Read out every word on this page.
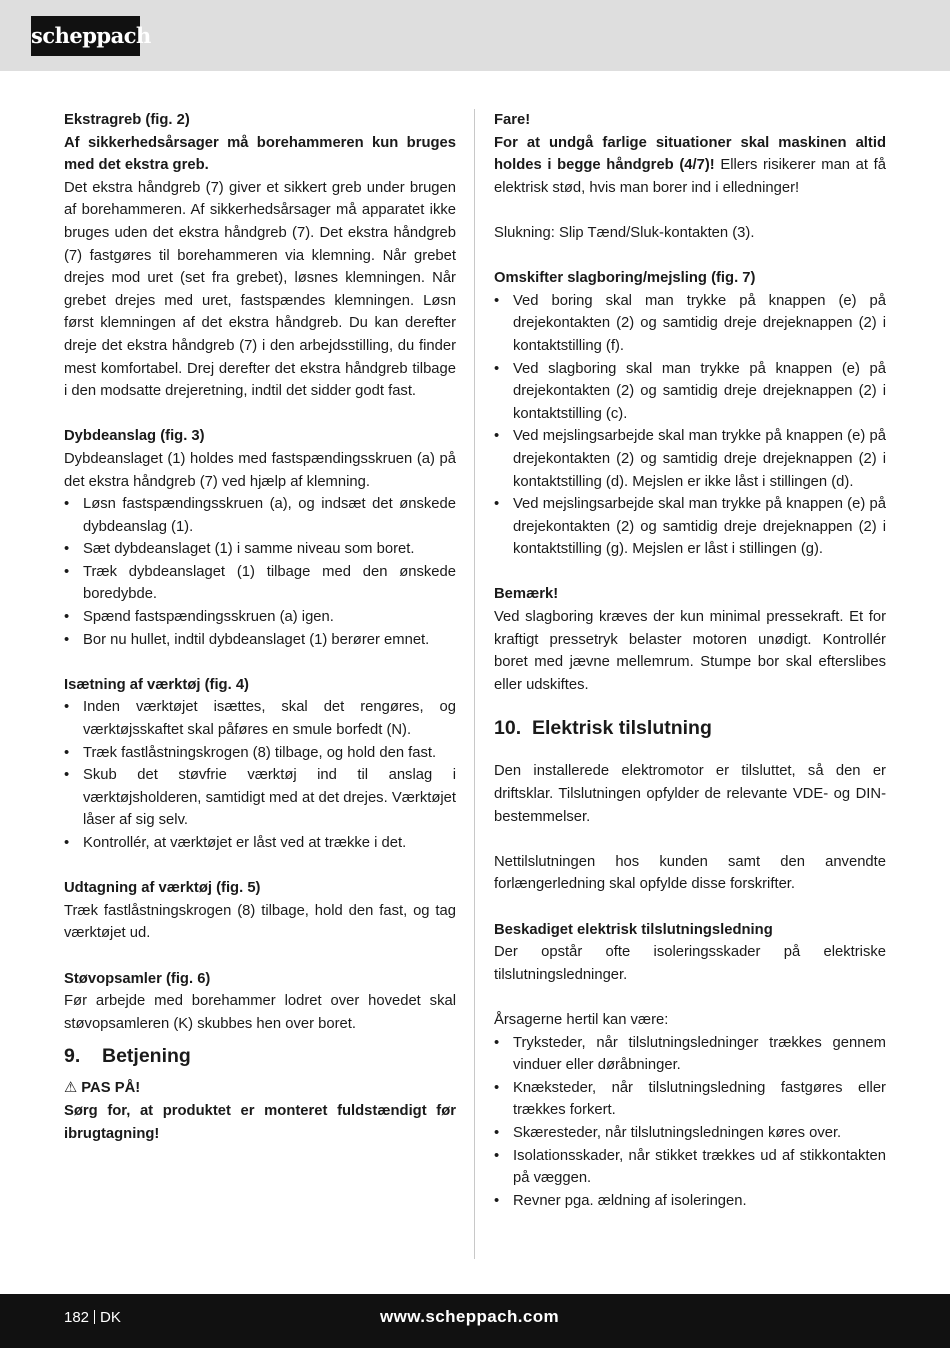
scheppach

Ekstragreb (fig. 2)

Af sikkerhedsårsager må borehammeren kun bruges med det ekstra greb.

Det ekstra håndgreb (7) giver et sikkert greb under brugen af borehammeren. Af sikkerhedsårsager må apparatet ikke bruges uden det ekstra håndgreb (7). Det ekstra håndgreb (7) fastgøres til borehammeren via klemning. Når grebet drejes mod uret (set fra grebet), løsnes klemningen. Når grebet drejes med uret, fastspændes klemningen. Løsn først klemningen af det ekstra håndgreb. Du kan derefter dreje det ekstra håndgreb (7) i den arbejdsstilling, du finder mest komfortabel. Drej derefter det ekstra håndgreb tilbage i den modsatte drejeretning, indtil det sidder godt fast.

Dybdeanslag (fig. 3)

Dybdeanslaget (1) holdes med fastspændingsskruen (a) på det ekstra håndgreb (7) ved hjælp af klemning.

• Løsn fastspændingsskruen (a), og indsæt det ønskede dybdeanslag (1).
• Sæt dybdeanslaget (1) i samme niveau som boret.
• Træk dybdeanslaget (1) tilbage med den ønskede boredybde.
• Spænd fastspændingsskruen (a) igen.
• Bor nu hullet, indtil dybdeanslaget (1) berører emnet.

Isætning af værktøj (fig. 4)

• Inden værktøjet isættes, skal det rengøres, og værktøjsskaftet skal påføres en smule borfedt (N).
• Træk fastlåstningskrogen (8) tilbage, og hold den fast.
• Skub det støvfrie værktøj ind til anslag i værktøjsholderen, samtidigt med at det drejes. Værktøjet låser af sig selv.
• Kontrollér, at værktøjet er låst ved at trække i det.

Udtagning af værktøj (fig. 5)

Træk fastlåstningskrogen (8) tilbage, hold den fast, og tag værktøjet ud.

Støvopsamler (fig. 6)

Før arbejde med borehammer lodret over hovedet skal støvopsamleren (K) skubbes hen over boret.

9. Betjening

⚠ PAS PÅ!

Sørg for, at produktet er monteret fuldstændigt før ibrugtagning!

Fare!

For at undgå farlige situationer skal maskinen altid holdes i begge håndgreb (4/7)! Ellers risikerer man at få elektrisk stød, hvis man borer ind i elledninger!

Slukning: Slip Tænd/Sluk-kontakten (3).

Omskifter slagboring/mejsling (fig. 7)

• Ved boring skal man trykke på knappen (e) på drejekontakten (2) og samtidig dreje drejeknappen (2) i kontaktstilling (f).
• Ved slagboring skal man trykke på knappen (e) på drejekontakten (2) og samtidig dreje drejeknappen (2) i kontaktstilling (c).
• Ved mejslingsarbejde skal man trykke på knappen (e) på drejekontakten (2) og samtidig dreje drejeknappen (2) i kontaktstilling (d). Mejslen er ikke låst i stillingen (d).
• Ved mejslingsarbejde skal man trykke på knappen (e) på drejekontakten (2) og samtidig dreje drejeknappen (2) i kontaktstilling (g). Mejslen er låst i stillingen (g).

Bemærk!

Ved slagboring kræves der kun minimal pressekraft. Et for kraftigt pressetryk belaster motoren unødigt. Kontrollér boret med jævne mellemrum. Stumpe bor skal efterslibes eller udskiftes.

10. Elektrisk tilslutning

Den installerede elektromotor er tilsluttet, så den er driftsklar. Tilslutningen opfylder de relevante VDE- og DIN-bestemmelser.

Nettilslutningen hos kunden samt den anvendte forlængerledning skal opfylde disse forskrifter.

Beskadiget elektrisk tilslutningsledning

Der opstår ofte isoleringsskader på elektriske tilslutningsledninger.

Årsagerne hertil kan være:

• Tryksteder, når tilslutningsledninger trækkes gennem vinduer eller døråbninger.
• Knæksteder, når tilslutningsledning fastgøres eller trækkes forkert.
• Skæresteder, når tilslutningsledningen køres over.
• Isolationsskader, når stikket trækkes ud af stikkontakten på væggen.
• Revner pga. ældning af isoleringen.
182 DK	www.scheppach.com
